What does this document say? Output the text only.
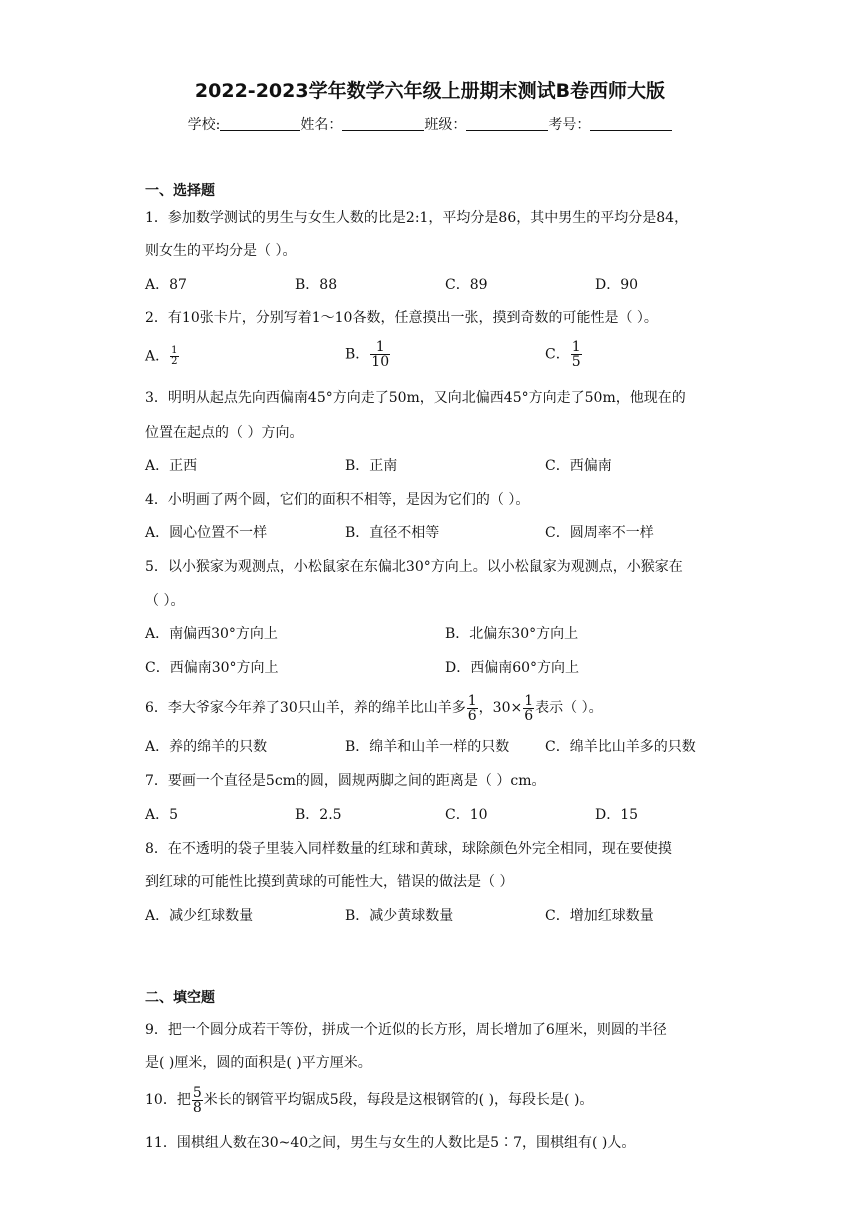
2022-2023学年数学六年级上册期末测试B卷西师大版
学校:	姓名：	班级：	考号：
一、选择题
1．参加数学测试的男生与女生人数的比是2:1，平均分是86，其中男生的平均分是84，
则女生的平均分是（ ）。
A．87	B．88	C．89	D．90
2．有10张卡片，分别写着1～10各数，任意摸出一张，摸到奇数的可能性是（ ）。
A． $\frac{1}{2}$	B． $\frac{1}{10}$	C． $\frac{1}{5}$
3．明明从起点先向西偏南45°方向走了50m，又向北偏西45°方向走了50m，他现在的
位置在起点的（ ）方向。
A．正西	B．正南	C．西偏南
4．小明画了两个圆，它们的面积不相等，是因为它们的（ ）。
A．圆心位置不一样	B．直径不相等	C．圆周率不一样
5．以小猴家为观测点，小松鼠家在东偏北30°方向上。以小松鼠家为观测点，小猴家在
（ ）。
A．南偏西30°方向上	B．北偏东30°方向上
C．西偏南30°方向上	D．西偏南60°方向上
6．李大爷家今年养了30只山羊，养的绵羊比山羊多 $\frac{1}{6}$ ，$30\times \frac{1}{6}$ 表示（ ）。
A．养的绵羊的只数	B．绵羊和山羊一样的只数	C．绵羊比山羊多的只数
7．要画一个直径是5cm的圆，圆规两脚之间的距离是（ ）cm。
A．5	B．2.5	C．10	D．15
8．在不透明的袋子里装入同样数量的红球和黄球，球除颜色外完全相同，现在要使摸
到红球的可能性比摸到黄球的可能性大，错误的做法是（ ）
A．减少红球数量	B．减少黄球数量	C．增加红球数量
二、填空题
9．把一个圆分成若干等份，拼成一个近似的长方形，周长增加了6厘米，则圆的半径
是( )厘米，圆的面积是( )平方厘米。
10．把 $\frac{5}{8}$ 米长的钢管平均锯成5段，每段是这根钢管的( )，每段长是( )。
11．围棋组人数在30~40之间，男生与女生的人数比是5∶7，围棋组有( )人。
